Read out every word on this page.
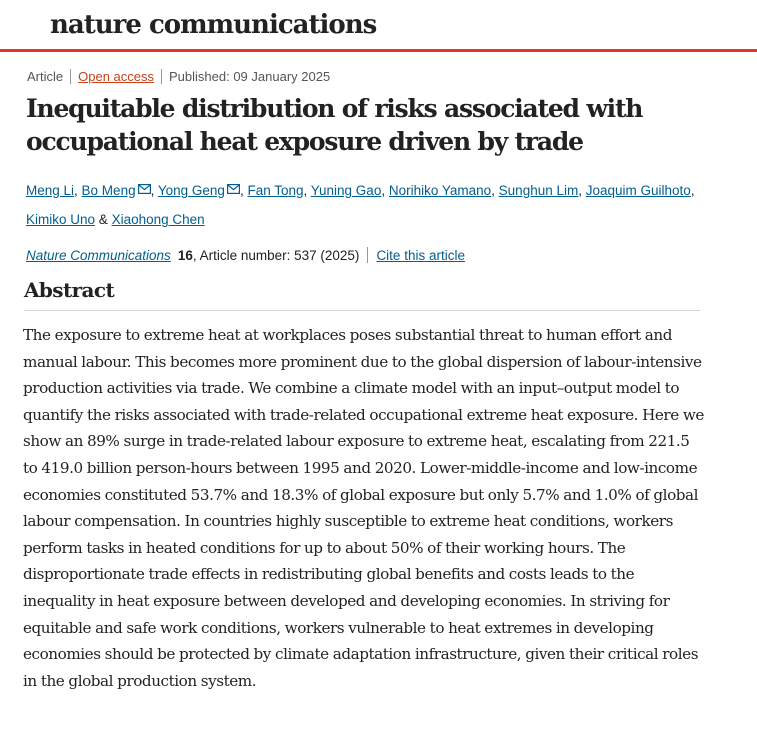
nature communications
Article Open access Published: 09 January 2025
Inequitable distribution of risks associated with occupational heat exposure driven by trade
Meng Li, Bo Meng , Yong Geng , Fan Tong, Yuning Gao, Norihiko Yamano, Sunghun Lim, Joaquim Guilhoto, Kimiko Uno & Xiaohong Chen
Nature Communications 16 , Article number: 537 (2025) Cite this article
Abstract

The exposure to extreme heat at workplaces poses substantial threat to human effort and manual labour. This becomes more prominent due to the global dispersion of labour-intensive production activities via trade. We combine a climate model with an input–output model to quantify the risks associated with trade-related occupational extreme heat exposure. Here we show an 89% surge in trade-related labour exposure to extreme heat, escalating from 221.5 to 419.0 billion person-hours between 1995 and 2020. Lower-middle-income and low-income economies constituted 53.7% and 18.3% of global exposure but only 5.7% and 1.0% of global labour compensation. In countries highly susceptible to extreme heat conditions, workers perform tasks in heated conditions for up to about 50% of their working hours. The disproportionate trade effects in redistributing global benefits and costs leads to the inequality in heat exposure between developed and developing economies. In striving for equitable and safe work conditions, workers vulnerable to heat extremes in developing economies should be protected by climate adaptation infrastructure, given their critical roles in the global production system.
